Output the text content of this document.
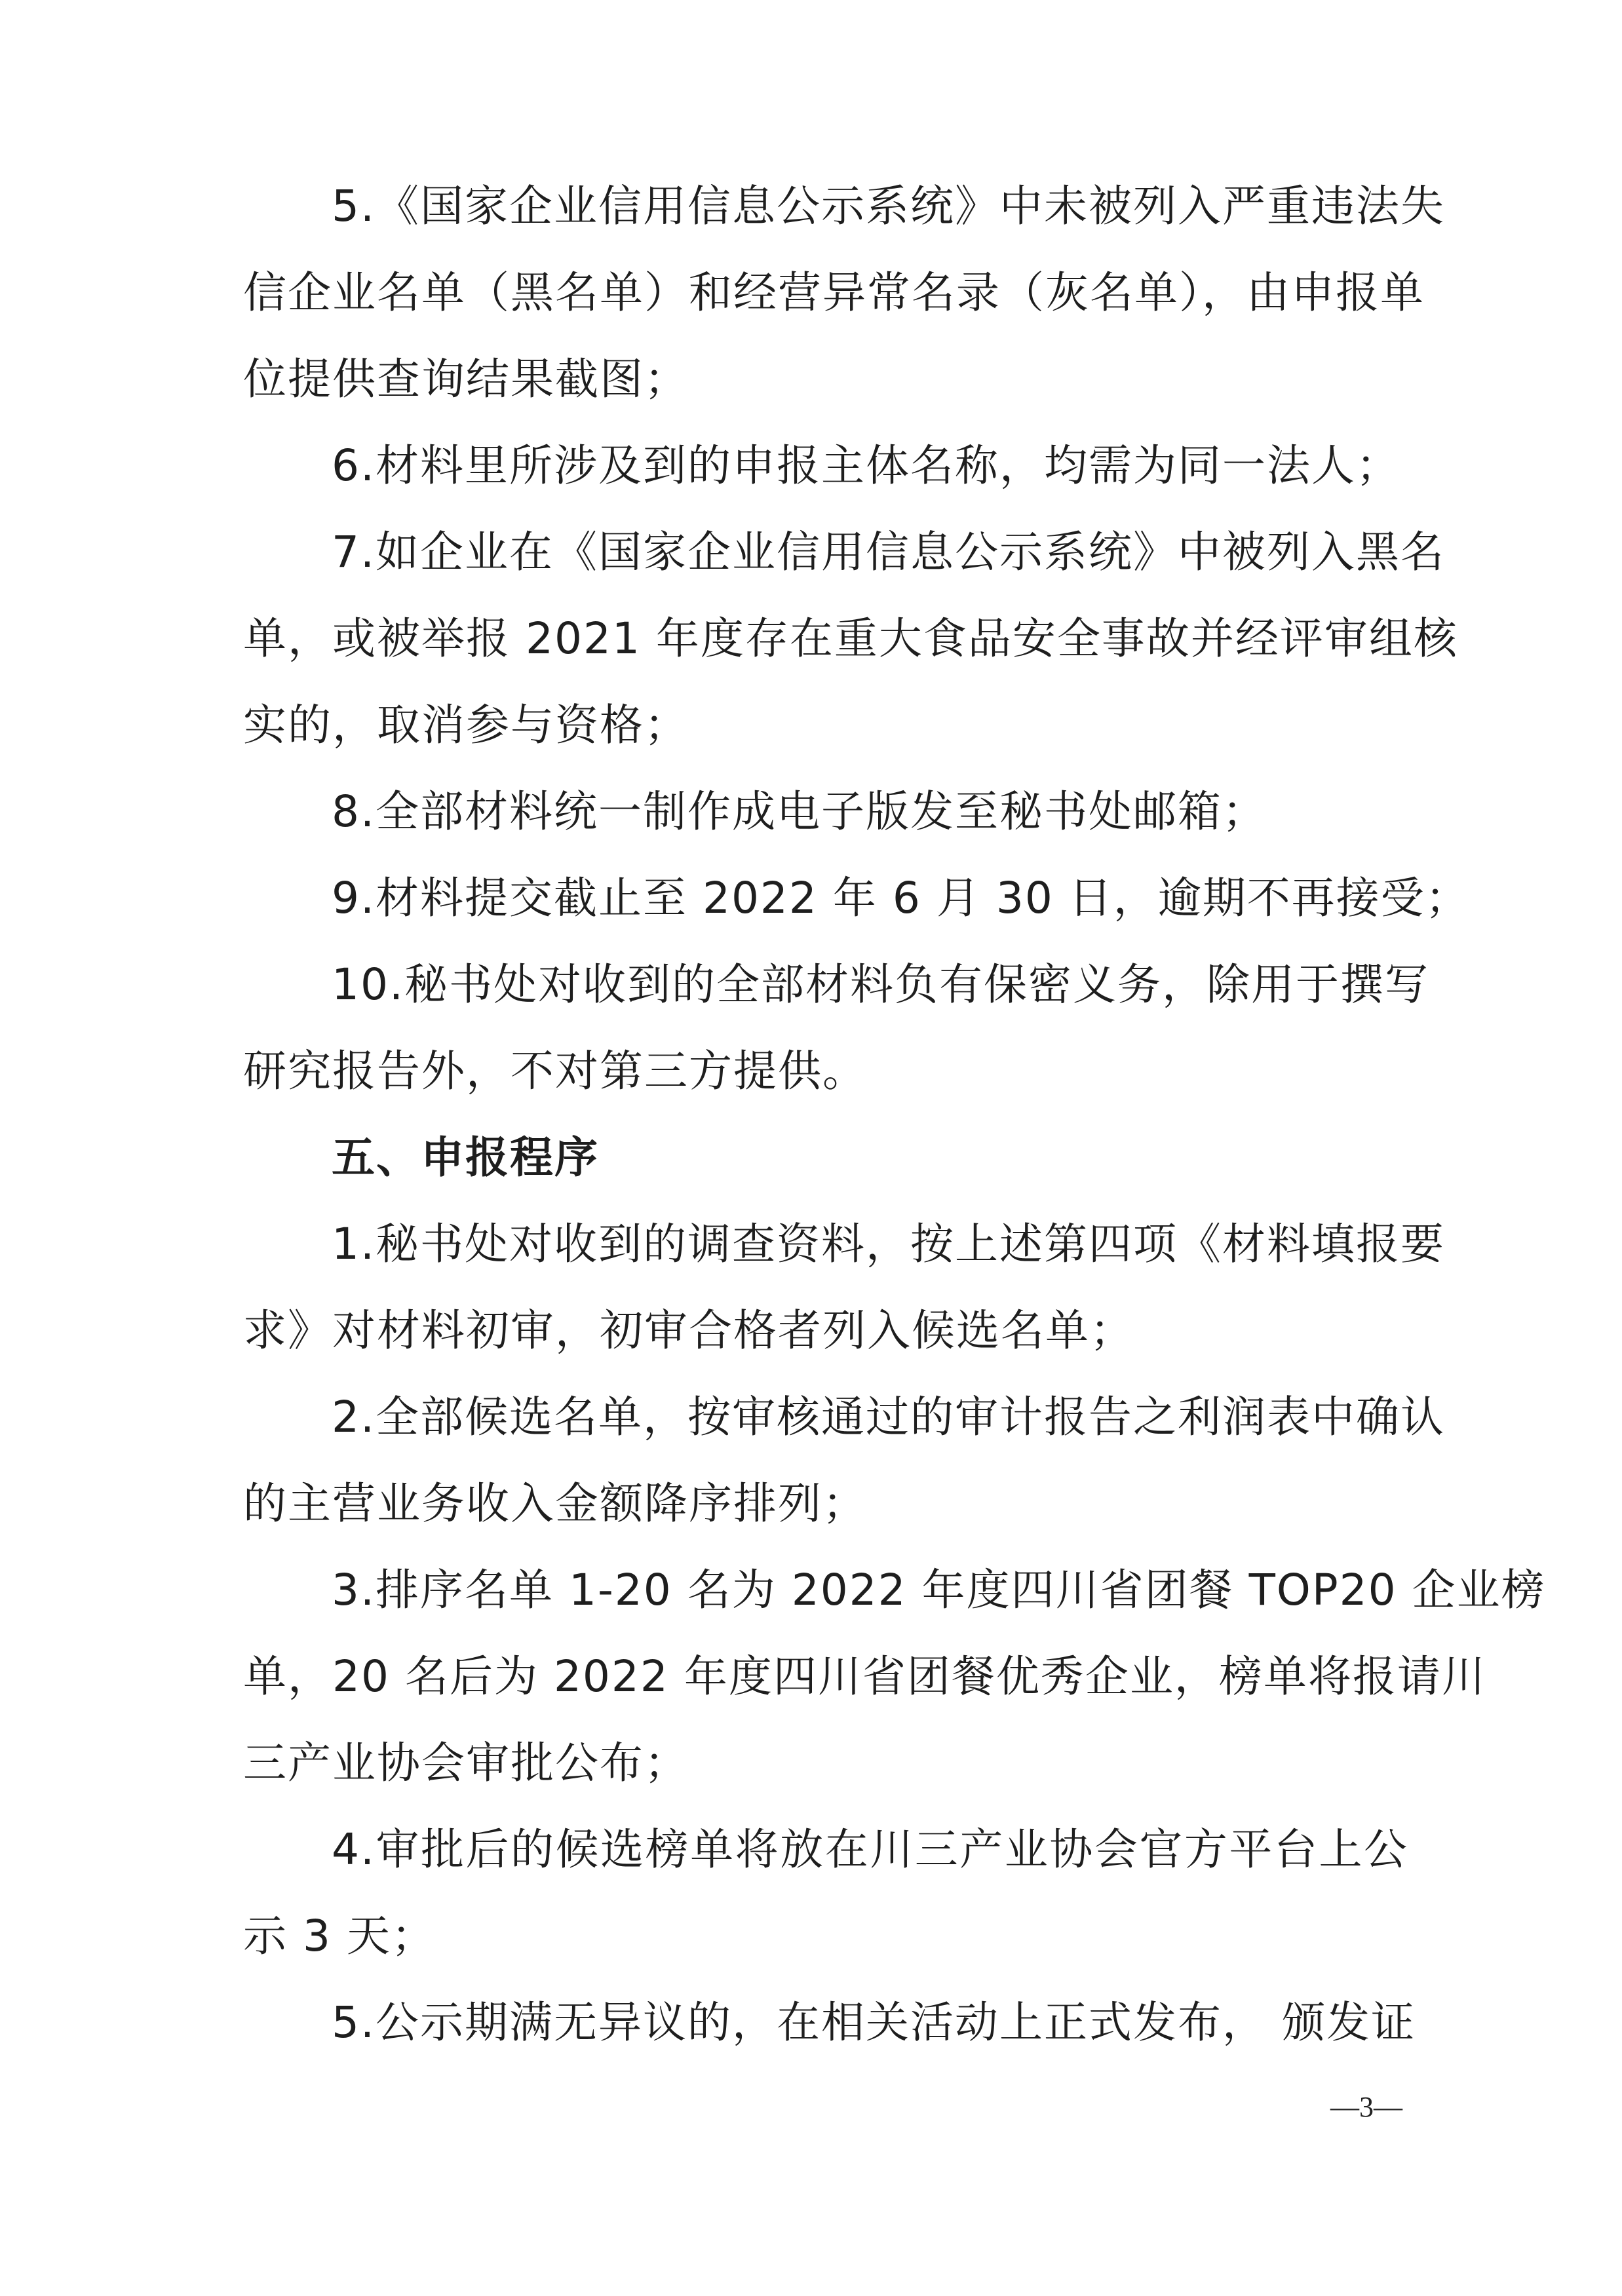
5.《国家企业信用信息公示系统》中未被列入严重违法失
信企业名单（黑名单）和经营异常名录（灰名单），由申报单
位提供查询结果截图；
6.材料里所涉及到的申报主体名称，均需为同一法人；
7.如企业在《国家企业信用信息公示系统》中被列入黑名
单，或被举报 2021 年度存在重大食品安全事故并经评审组核
实的，取消参与资格；
8.全部材料统一制作成电子版发至秘书处邮箱；
9.材料提交截止至 2022 年 6 月 30 日，逾期不再接受；
10.秘书处对收到的全部材料负有保密义务，除用于撰写
研究报告外，不对第三方提供。
五、申报程序
1.秘书处对收到的调查资料，按上述第四项《材料填报要
求》对材料初审，初审合格者列入候选名单；
2.全部候选名单，按审核通过的审计报告之利润表中确认
的主营业务收入金额降序排列；
3.排序名单 1-20 名为 2022 年度四川省团餐 TOP20 企业榜
单，20 名后为 2022 年度四川省团餐优秀企业，榜单将报请川
三产业协会审批公布；
4.审批后的候选榜单将放在川三产业协会官方平台上公
示 3 天；
5.公示期满无异议的，在相关活动上正式发布， 颁发证
—3—
